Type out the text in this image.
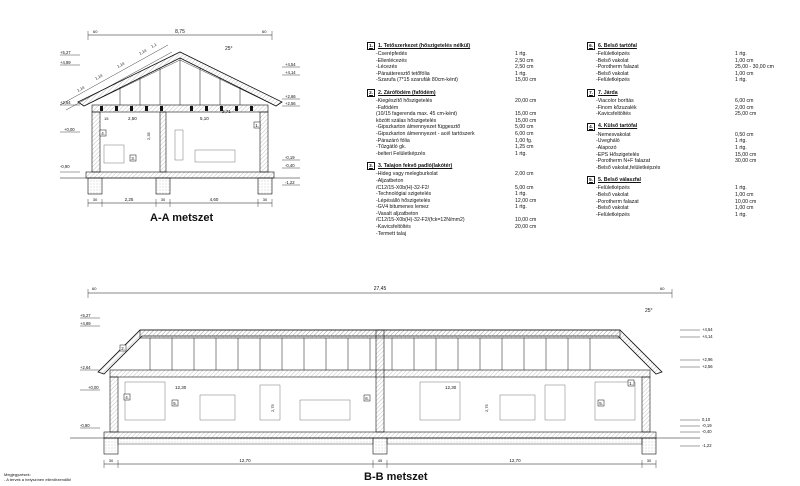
8,75
60	60
25°
1,14
1,14
1,14
1,14
1,1
2,50	5,10
15
2,71
2,35
4.
1.
3.
+5,27
+4,89
+2,64
+0,00
-0,90
+4,54
+4,14
+2,66
+2,56
-0,19
-0,40
-1,22
30	2,25	30	4,60	30
27,45
60	60
25°
12,30	12,30
2,75	2,75
4.
5.
6.
5.
1.
2.
+5,27
+4,89
+2,64
+0,00
-0,90
+4,54
+4,14
+2,96
+2,56
0,10
-0,19
-0,40
-1,22
30	12,70	45	12,70	30
A-A metszet
B-B metszet
1. 1. Tetőszerkezet (hőszigetelés nélkül)
-Cserépfedés	1 rtg.
-Ellenlécezés	2,50 cm
-Lécezés	2,50 cm
-Páraáteresztő tetőfólia	1 rtg.
-Szarufa (7*15 szarufák 80cm-ként)	15,00 cm
2. 2. Zárófödém (fafödém)
-Kiegészítő hőszigetelés	20,00 cm
-Fafödém
(10/15 fagerenda max. 45 cm-ként)	15,00 cm
között szálas hőszigetelés	15,00 cm
-Gipszkarton álmennyezet függesztő	5,00 cm
-Gipszkarton álmennyezet - acél tartószerk	6,00 cm
-Párazáró fólia	1,00 fg.
-Tűzgátló gk.	1,25 cm
-belteri Felületképzés	1 rtg.
3. 3. Talajon fekvő padló(lakótér)
-Hideg vagy melegburkolat	2,00 cm
-Aljzatbeton
/C12/15-X0b(H)-32-F2/	5,00 cm
-Technológiai szigetelés	1 rtg.
-Lépésálló hőszigetelés	12,00 cm
-GV4 bitumenes lemez	1 rtg.
-Vasalt aljzatbeton
/C12/15-X0b(H)-32-F2/(fck=12N/mm2)	10,00 cm
-Kavicsfeltöltés	20,00 cm
-Termett talaj
6. 6. Belső tartófal
-Felületképzés	1 rtg.
-Belső vakolat	1,00 cm
-Porotherm falazat	25,00 - 30,00 cm
-Belső vakolat	1,00 cm
-Felületképzés	1 rtg.
7. 7. Járda
-Viacolor borítás	6,00 cm
-Finom kőzuzalék	2,00 cm
-Kavicsfeltöltés	25,00 cm
4. 4. Külső tartófal
-Nemesvakolat	0,50 cm
-Üvegháló	1 rtg.
-Alapozó	1 rtg.
-EPS Hőszigetelés	15,00 cm
-Porotherm N+F falazat	30,00 cm
-Belső vakolat,felületképzés
5. 5. Belső válaszfal
-Felületképzés	1 rtg.
-Belső vakolat	1,00 cm
-Porotherm falazat	10,00 cm
-Belső vakolat	1,00 cm
-Felületképzés	1 rtg.
Megjegyzések:
- A tervek a helyszínen ellenőrzendők!
